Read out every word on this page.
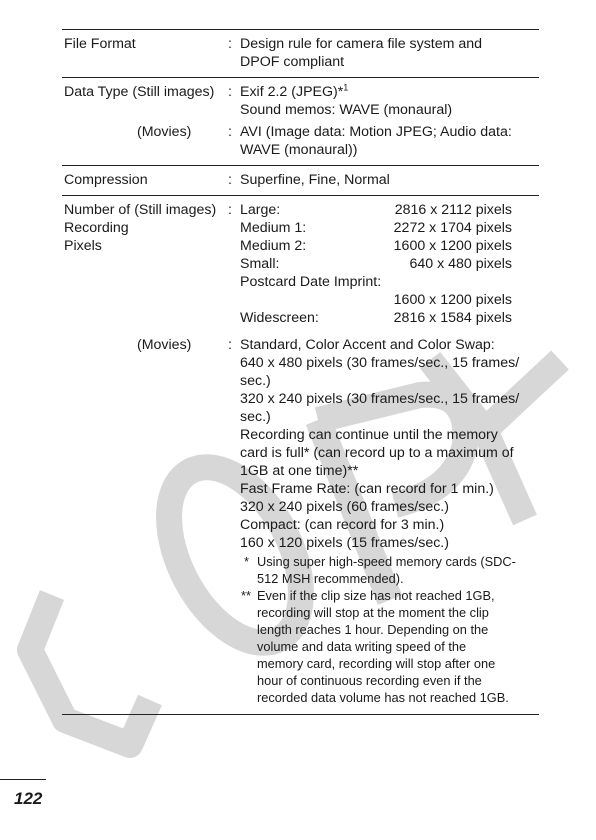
File Format	: Design rule for camera file system and
DPOF compliant
Data Type (Still images) : Exif 2.2 (JPEG)*$^1$
Sound memos: WAVE (monaural)
(Movies)	: AVI (Image data: Motion JPEG; Audio data:
WAVE (monaural))
Compression	: Superfine, Fine, Normal
Number of (Still images)
Recording
Pixels
: Large:	2816 x 2112 pixels
Medium 1:	2272 x 1704 pixels
Medium 2:	1600 x 1200 pixels
Small:	640 x 480 pixels
Postcard Date Imprint:
1600 x 1200 pixels
Widescreen:	2816 x 1584 pixels
(Movies)	: Standard, Color Accent and Color Swap:
640 x 480 pixels (30 frames/sec., 15 frames/
sec.)
320 x 240 pixels (30 frames/sec., 15 frames/
sec.)
Recording can continue until the memory
card is full* (can record up to a maximum of
1GB at one time)**
Fast Frame Rate: (can record for 1 min.)
320 x 240 pixels (60 frames/sec.)
Compact: (can record for 3 min.)
160 x 120 pixels (15 frames/sec.)
* Using super high-speed memory cards (SDC-
512 MSH recommended).
** Even if the clip size has not reached 1GB,
recording will stop at the moment the clip
length reaches 1 hour. Depending on the
volume and data writing speed of the
memory card, recording will stop after one
hour of continuous recording even if the
recorded data volume has not reached 1GB.
122
